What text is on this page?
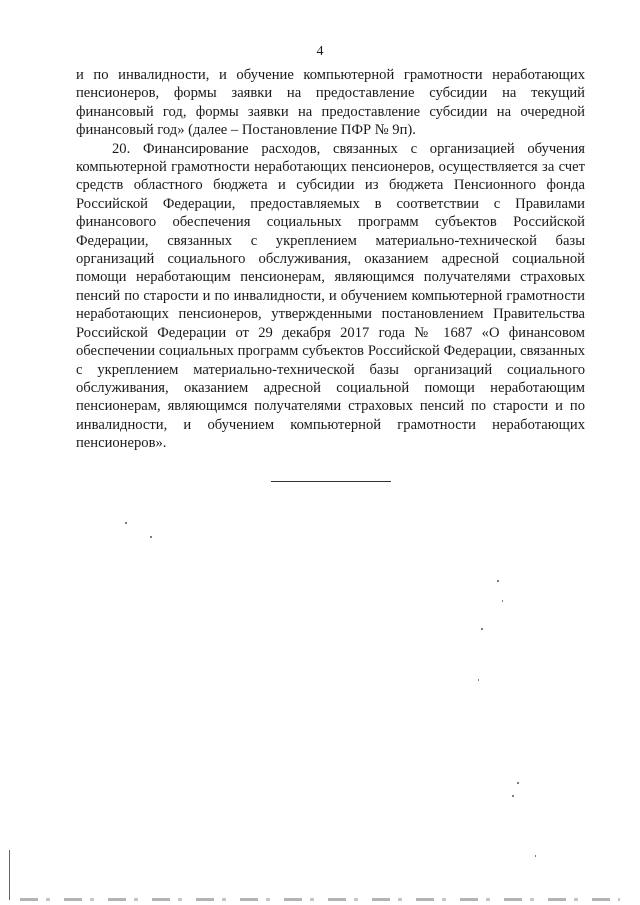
4

и по инвалидности, и обучение компьютерной грамотности неработающих пенсионеров, формы заявки на предоставление субсидии на текущий финансовый год, формы заявки на предоставление субсидии на очередной финансовый год» (далее – Постановление ПФР № 9п).

20. Финансирование расходов, связанных с организацией обучения компьютерной грамотности неработающих пенсионеров, осуществляется за счет средств областного бюджета и субсидии из бюджета Пенсионного фонда Российской Федерации, предоставляемых в соответствии с Правилами финансового обеспечения социальных программ субъектов Российской Федерации, связанных с укреплением материально-технической базы организаций социального обслуживания, оказанием адресной социальной помощи неработающим пенсионерам, являющимся получателями страховых пенсий по старости и по инвалидности, и обучением компьютерной грамотности неработающих пенсионеров, утвержденными постановлением Правительства Российской Федерации от 29 декабря 2017 года № 1687 «О финансовом обеспечении социальных программ субъектов Российской Федерации, связанных с укреплением материально-технической базы организаций социального обслуживания, оказанием адресной социальной помощи неработающим пенсионерам, являющимся получателями страховых пенсий по старости и по инвалидности, и обучением компьютерной грамотности неработающих пенсионеров».
